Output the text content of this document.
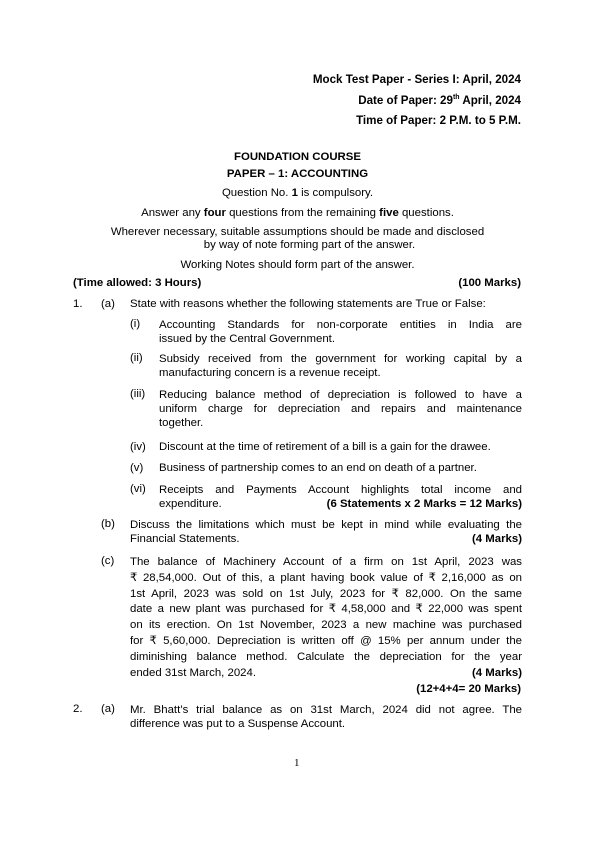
Mock Test Paper - Series I: April, 2024
Date of Paper: 29th April, 2024
Time of Paper: 2 P.M. to 5 P.M.
FOUNDATION COURSE
PAPER – 1: ACCOUNTING
Question No. 1 is compulsory.
Answer any four questions from the remaining five questions.
Wherever necessary, suitable assumptions should be made and disclosed
by way of note forming part of the answer.
Working Notes should form part of the answer.
(Time allowed: 3 Hours)	(100 Marks)
1. (a) State with reasons whether the following statements are True or False:
(i) Accounting Standards for non-corporate entities in India are
issued by the Central Government.
(ii) Subsidy received from the government for working capital by a
manufacturing concern is a revenue receipt.
(iii) Reducing balance method of depreciation is followed to have a
uniform charge for depreciation and repairs and maintenance
together.
(iv) Discount at the time of retirement of a bill is a gain for the drawee.
(v) Business of partnership comes to an end on death of a partner.
(vi) Receipts and Payments Account highlights total income and
expenditure.	(6 Statements x 2 Marks = 12 Marks)
(b) Discuss the limitations which must be kept in mind while evaluating the
Financial Statements.	(4 Marks)
(c) The balance of Machinery Account of a firm on 1st April, 2023 was
₹ 28,54,000. Out of this, a plant having book value of ₹ 2,16,000 as on
1st April, 2023 was sold on 1st July, 2023 for ₹ 82,000. On the same
date a new plant was purchased for ₹ 4,58,000 and ₹ 22,000 was spent
on its erection. On 1st November, 2023 a new machine was purchased
for ₹ 5,60,000. Depreciation is written off @ 15% per annum under the
diminishing balance method. Calculate the depreciation for the year
ended 31st March, 2024.	(4 Marks)
(12+4+4= 20 Marks)
2. (a) Mr. Bhatt’s trial balance as on 31st March, 2024 did not agree. The
difference was put to a Suspense Account.
1
